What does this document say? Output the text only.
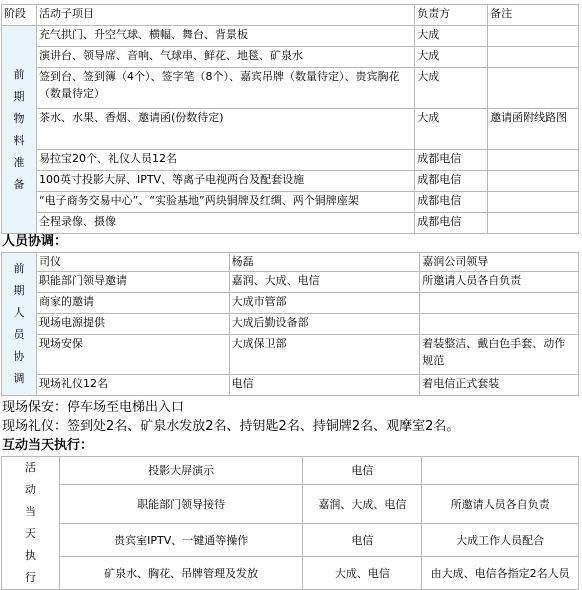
阶段	活动子项目	负责方	备注

前期物料准备	充气拱门、升空气球、横幅、舞台、背景板	大成	
	演讲台、领导席、音响、气球串、鲜花、地毯、矿泉水	大成	
	签到台、签到簿（4个）、签字笔（8个）、嘉宾吊牌（数量待定）、贵宾胸花（数量待定）	大成	
	茶水、水果、香烟、邀请函(份数待定)	大成	邀请函附线路图
	易拉宝20个、礼仪人员12名	成都电信	
	100英寸投影大屏、IPTV、等离子电视两台及配套设施	成都电信	
	“电子商务交易中心”、“实验基地”两块铜牌及红绸、两个铜牌座架	成都电信	
	全程录像、摄像	成都电信	
人员协调：
前期人员协调	司仪	杨磊	嘉润公司领导
	职能部门领导邀请	嘉润、大成、电信	所邀请人员各自负责
	商家的邀请	大成市管部	
	现场电源提供	大成后勤设备部	
	现场安保	大成保卫部	着装整洁、戴白色手套、动作规范
	现场礼仪12名	电信	着电信正式套装

现场保安：停车场至电梯出入口

现场礼仪：签到处2名、矿泉水发放2名、持钥匙2名、持铜牌2名、观摩室2名。

互动当天执行：
活动当天执行	投影大屏演示	电信	
	职能部门领导接待	嘉润、大成、电信	所邀请人员各自负责
	贵宾室IPTV、一键通等操作	电信	大成工作人员配合
	矿泉水、胸花、吊牌管理及发放	大成、电信	由大成、电信各指定2名人员
